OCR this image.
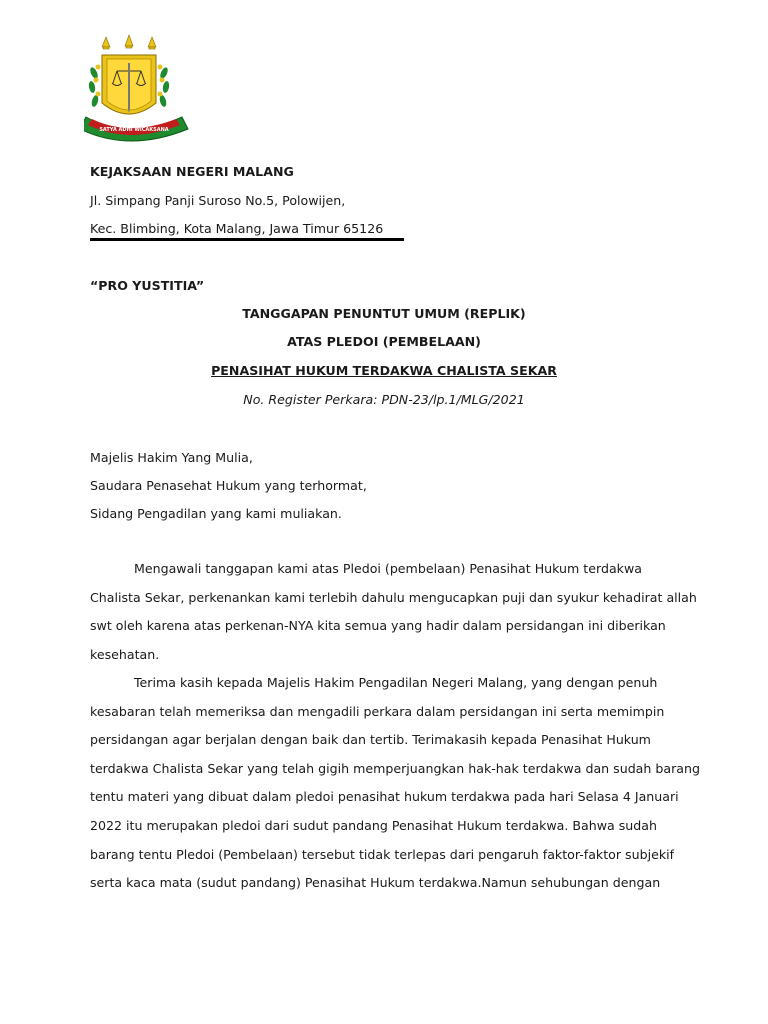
SATYA ADHI WICAKSANA
KEJAKSAAN NEGERI MALANG
Jl. Simpang Panji Suroso No.5, Polowijen,
Kec. Blimbing, Kota Malang, Jawa Timur 65126
“PRO YUSTITIA”
TANGGAPAN PENUNTUT UMUM (REPLIK)
ATAS PLEDOI (PEMBELAAN)
PENASIHAT HUKUM TERDAKWA CHALISTA SEKAR
No. Register Perkara: PDN-23/lp.1/MLG/2021
Majelis Hakim Yang Mulia,
Saudara Penasehat Hukum yang terhormat,
Sidang Pengadilan yang kami muliakan.
Mengawali tanggapan kami atas Pledoi (pembelaan) Penasihat Hukum terdakwa
Chalista Sekar, perkenankan kami terlebih dahulu mengucapkan puji dan syukur kehadirat allah
swt oleh karena atas perkenan-NYA kita semua yang hadir dalam persidangan ini diberikan
kesehatan.
Terima kasih kepada Majelis Hakim Pengadilan Negeri Malang, yang dengan penuh
kesabaran telah memeriksa dan mengadili perkara dalam persidangan ini serta memimpin
persidangan agar berjalan dengan baik dan tertib. Terimakasih kepada Penasihat Hukum
terdakwa Chalista Sekar yang telah gigih memperjuangkan hak-hak terdakwa dan sudah barang
tentu materi yang dibuat dalam pledoi penasihat hukum terdakwa pada hari Selasa 4 Januari
2022 itu merupakan pledoi dari sudut pandang Penasihat Hukum terdakwa. Bahwa sudah
barang tentu Pledoi (Pembelaan) tersebut tidak terlepas dari pengaruh faktor-faktor subjekif
serta kaca mata (sudut pandang) Penasihat Hukum terdakwa.Namun sehubungan dengan
